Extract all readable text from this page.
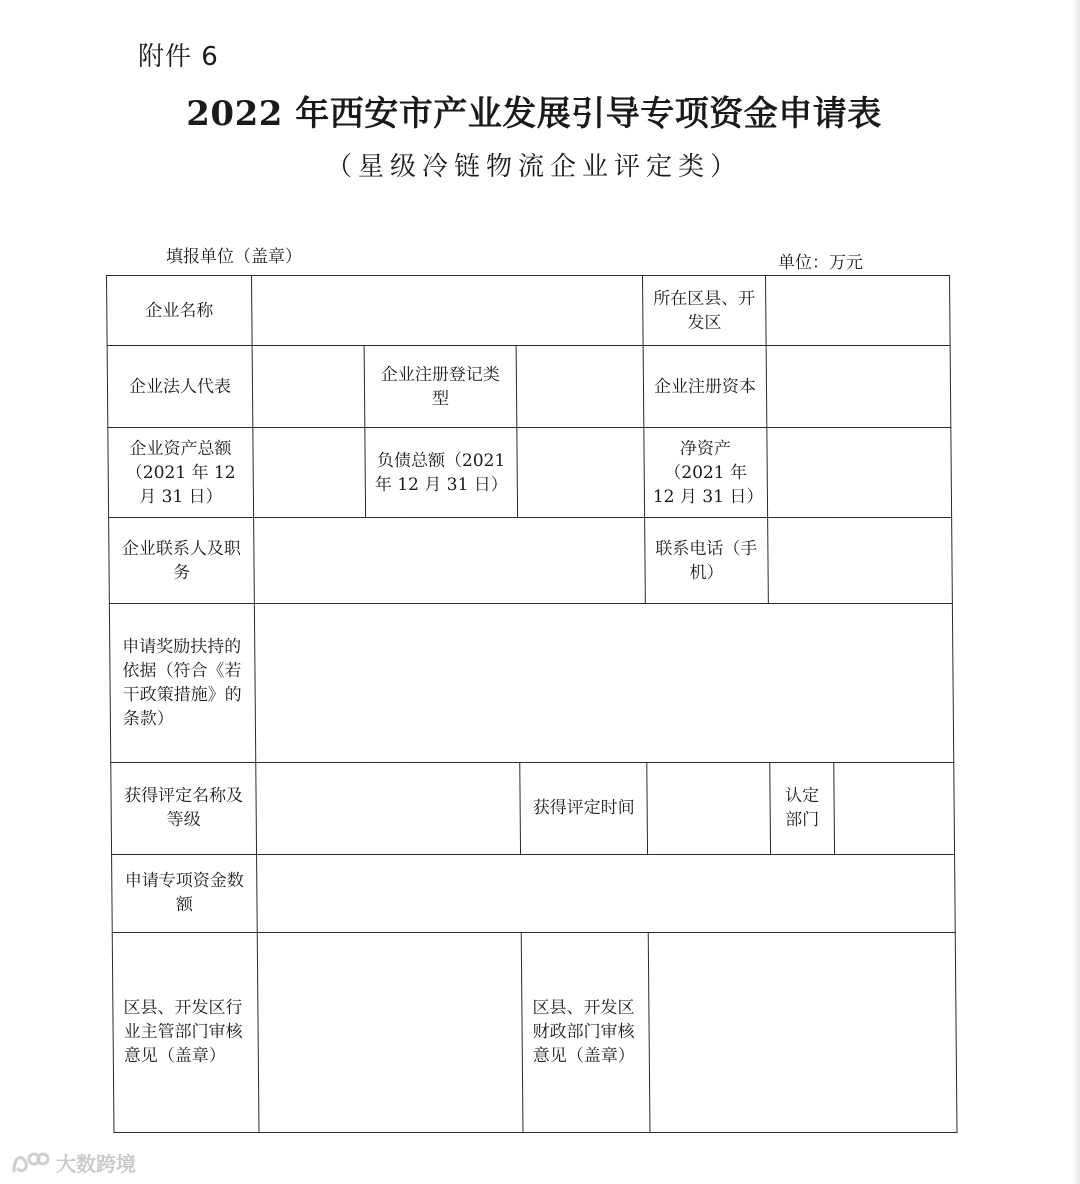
附件 6
2022 年西安市产业发展引导专项资金申请表
（星级冷链物流企业评定类）
填报单位（盖章）	单位：万元
企业名称				所在区县、开发区		
企业法人代表		企业注册登记类型		企业注册资本		
企业资产总额（2021 年 12 月 31 日）		负债总额（2021 年 12 月 31 日）		净资产（2021 年 12 月 31 日）		
企业联系人及职务				联系电话（手机）		
申请奖励扶持的依据（符合《若干政策措施》的条款）						
获得评定名称及等级			获得评定时间		认定部门	
申请专项资金数额						
区县、开发区行业主管部门审核意见（盖章）			区县、开发区财政部门审核意见（盖章）			
大数跨境
